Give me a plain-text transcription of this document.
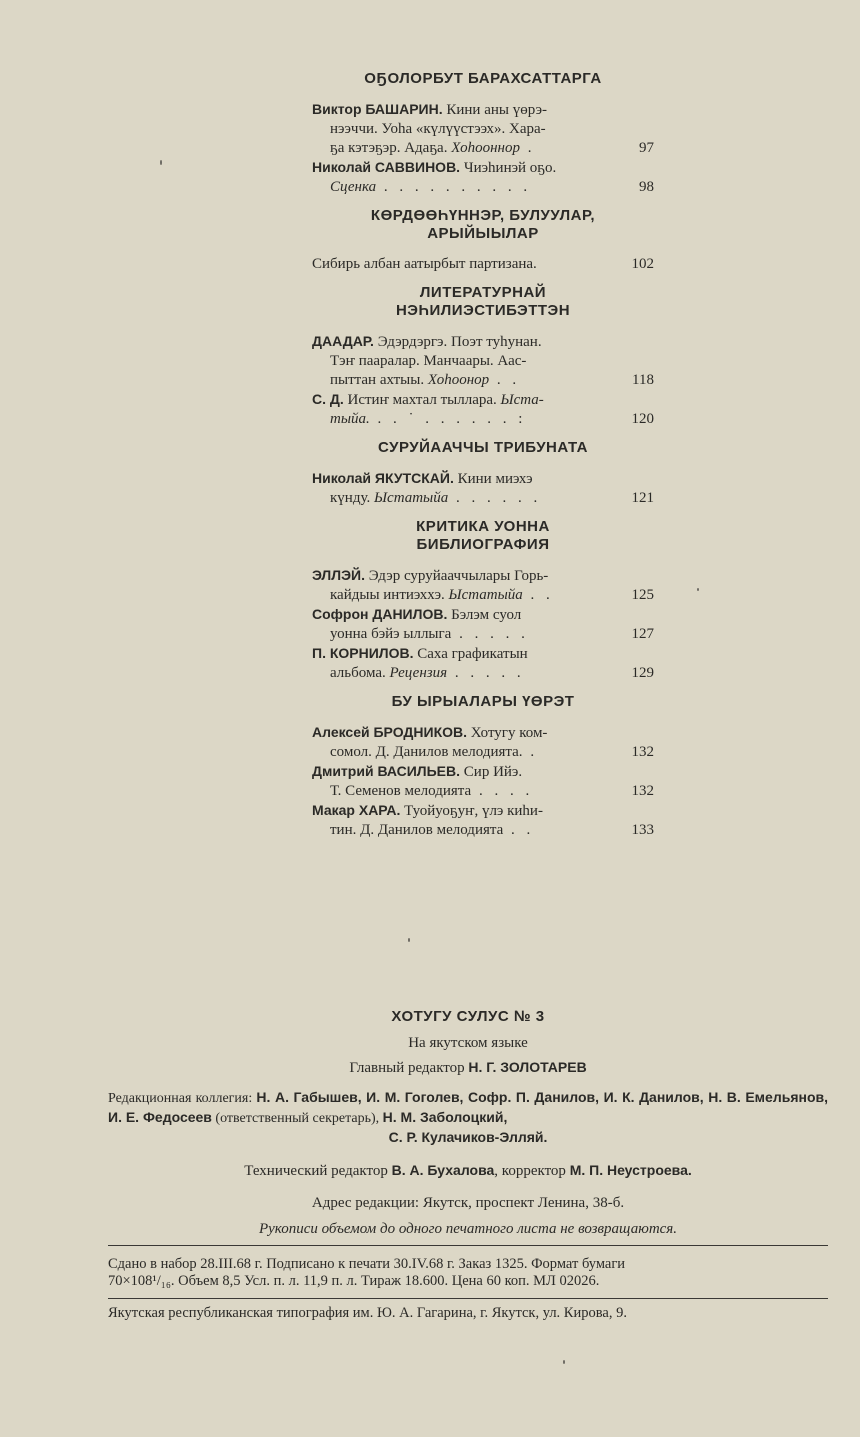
ОҔОЛОРБУТ БАРАХСАТТАРГА
Виктор БАШАРИН. Кини аны үөрэ-
нээччи. Уоһа «күлүүстээх». Хара-
ҕа кэтэҕэр. Адаҕа. Хоһооннор .	97
Николай САВВИНОВ. Чиэһинэй оҕо.
Сценка . . . . . . . . . .	98
КӨРДӨӨҺҮННЭР, БУЛУУЛАР,
АРЫЙЫЫЛАР
Сибирь албан аатырбыт партизана.	102
ЛИТЕРАТУРНАЙ
НЭҺИЛИЭСТИБЭТТЭН
ДААДАР. Эдэрдэргэ. Поэт туһунан.
Тэҥ пааралар. Манчаары. Аас-
пыттан ахтыы. Хоһоонор . .	118
С. Д. Истиҥ махтал тыллара. Ыста-
тыйа. . . ˙ . . . . . . :	120
СУРУЙААЧЧЫ ТРИБУНАТА
Николай ЯКУТСКАЙ. Кини миэхэ
күнду. Ыстатыйа . . . . . .	121
КРИТИКА УОННА
БИБЛИОГРАФИЯ
ЭЛЛЭЙ. Эдэр суруйааччылары Горь-
кайдыы интиэххэ. Ыстатыйа . .	125
Софрон ДАНИЛОВ. Бэлэм суол
уонна бэйэ ыллыга . . . . .	127
П. КОРНИЛОВ. Саха графикатын
альбома. Рецензия . . . . .	129
БУ ЫРЫАЛАРЫ ҮӨРЭТ
Алексей БРОДНИКОВ. Хотугу ком-
сомол. Д. Данилов мелодията. .	132
Дмитрий ВАСИЛЬЕВ. Сир Ийэ.
Т. Семенов мелодията . . . .	132
Макар ХАРА. Туойуоҕуҥ, үлэ киһи-
тин. Д. Данилов мелодията . .	133
ХОТУГУ СУЛУС № 3
На якутском языке
Главный редактор Н. Г. ЗОЛОТАРЕВ
Редакционная коллегия: Н. А. Габышев, И. М. Гоголев, Софр. П. Данилов, И. К. Данилов, Н. В. Емельянов, И. Е. Федосеев (ответственный секретарь), Н. М. Заболоцкий,
С. Р. Кулачиков-Элляй.
Технический редактор В. А. Бухалова, корректор М. П. Неустроева.
Адрес редакции: Якутск, проспект Ленина, 38-б.
Рукописи объемом до одного печатного листа не возвращаются.
Сдано в набор 28.III.68 г. Подписано к печати 30.IV.68 г. Заказ 1325. Формат бумаги
70×108¹/₁₆. Объем 8,5 Усл. п. л. 11,9 п. л. Тираж 18.600. Цена 60 коп. МЛ 02026.
Якутская республиканская типография им. Ю. А. Гагарина, г. Якутск, ул. Кирова, 9.
